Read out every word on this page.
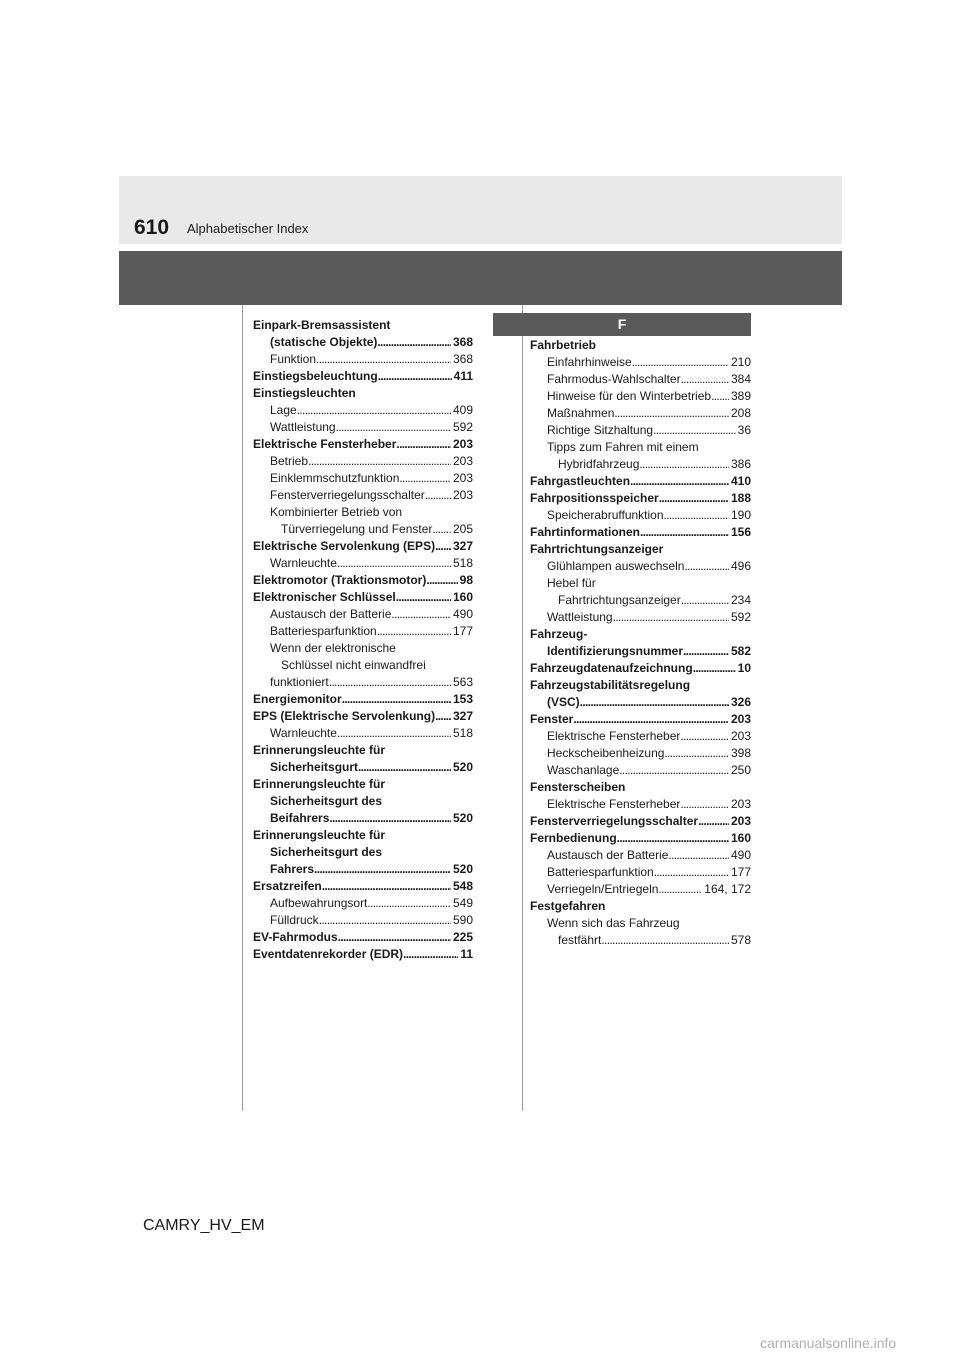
610 Alphabetischer Index
F
Einpark-Bremsassistent
(statische Objekte) . . .	368
Funktion . . .	368
Einstiegsbeleuchtung . . .	411
Einstiegsleuchten
Lage . . .	409
Wattleistung . . .	592
Elektrische Fensterheber . . .	203
Betrieb . . .	203
Einklemmschutzfunktion . . .	203
Fensterverriegelungsschalter . . . 203
Kombinierter Betrieb von
Türverriegelung und Fenster . . . 205
Elektrische Servolenkung (EPS) . . . 327
Warnleuchte . . .	518
Elektromotor (Traktionsmotor) . . .	98
Elektronischer Schlüssel . . .	160
Austausch der Batterie . . .	490
Batteriesparfunktion . . .	177
Wenn der elektronische
Schlüssel nicht einwandfrei
funktioniert . . .	563
Energiemonitor . . .	153
EPS (Elektrische Servolenkung) . . . 327
Warnleuchte . . .	518
Erinnerungsleuchte für
Sicherheitsgurt . . .	520
Erinnerungsleuchte für
Sicherheitsgurt des
Beifahrers . . .	520
Erinnerungsleuchte für
Sicherheitsgurt des
Fahrers . . .	520
Ersatzreifen . . .	548
Aufbewahrungsort . . .	549
Fülldruck . . .	590
EV-Fahrmodus . . .	225
Eventdatenrekorder (EDR) . . .	11
Fahrbetrieb
Einfahrhinweise . . .	210
Fahrmodus-Wahlschalter . . .	384
Hinweise für den Winterbetrieb . . . 389
Maßnahmen . . .	208
Richtige Sitzhaltung . . .	36
Tipps zum Fahren mit einem
Hybridfahrzeug . . .	386
Fahrgastleuchten . . .	410
Fahrpositionsspeicher . . .	188
Speicherabruffunktion . . .	190
Fahrtinformationen . . .	156
Fahrtrichtungsanzeiger
Glühlampen auswechseln . . .	496
Hebel für
Fahrtrichtungsanzeiger . . .	234
Wattleistung . . .	592
Fahrzeug-
Identifizierungsnummer . . .	582
Fahrzeugdatenaufzeichnung . . .	10
Fahrzeugstabilitätsregelung
(VSC) . . .	326
Fenster . . .	203
Elektrische Fensterheber . . .	203
Heckscheibenheizung . . .	398
Waschanlage . . .	250
Fensterscheiben
Elektrische Fensterheber . . .	203
Fensterverriegelungsschalter . . .	203
Fernbedienung . . .	160
Austausch der Batterie . . .	490
Batteriesparfunktion . . .	177
Verriegeln/Entriegeln . . .	164, 172
Festgefahren
Wenn sich das Fahrzeug
festfährt . . .	578
CAMRY_HV_EM
carmanualsonline.info
